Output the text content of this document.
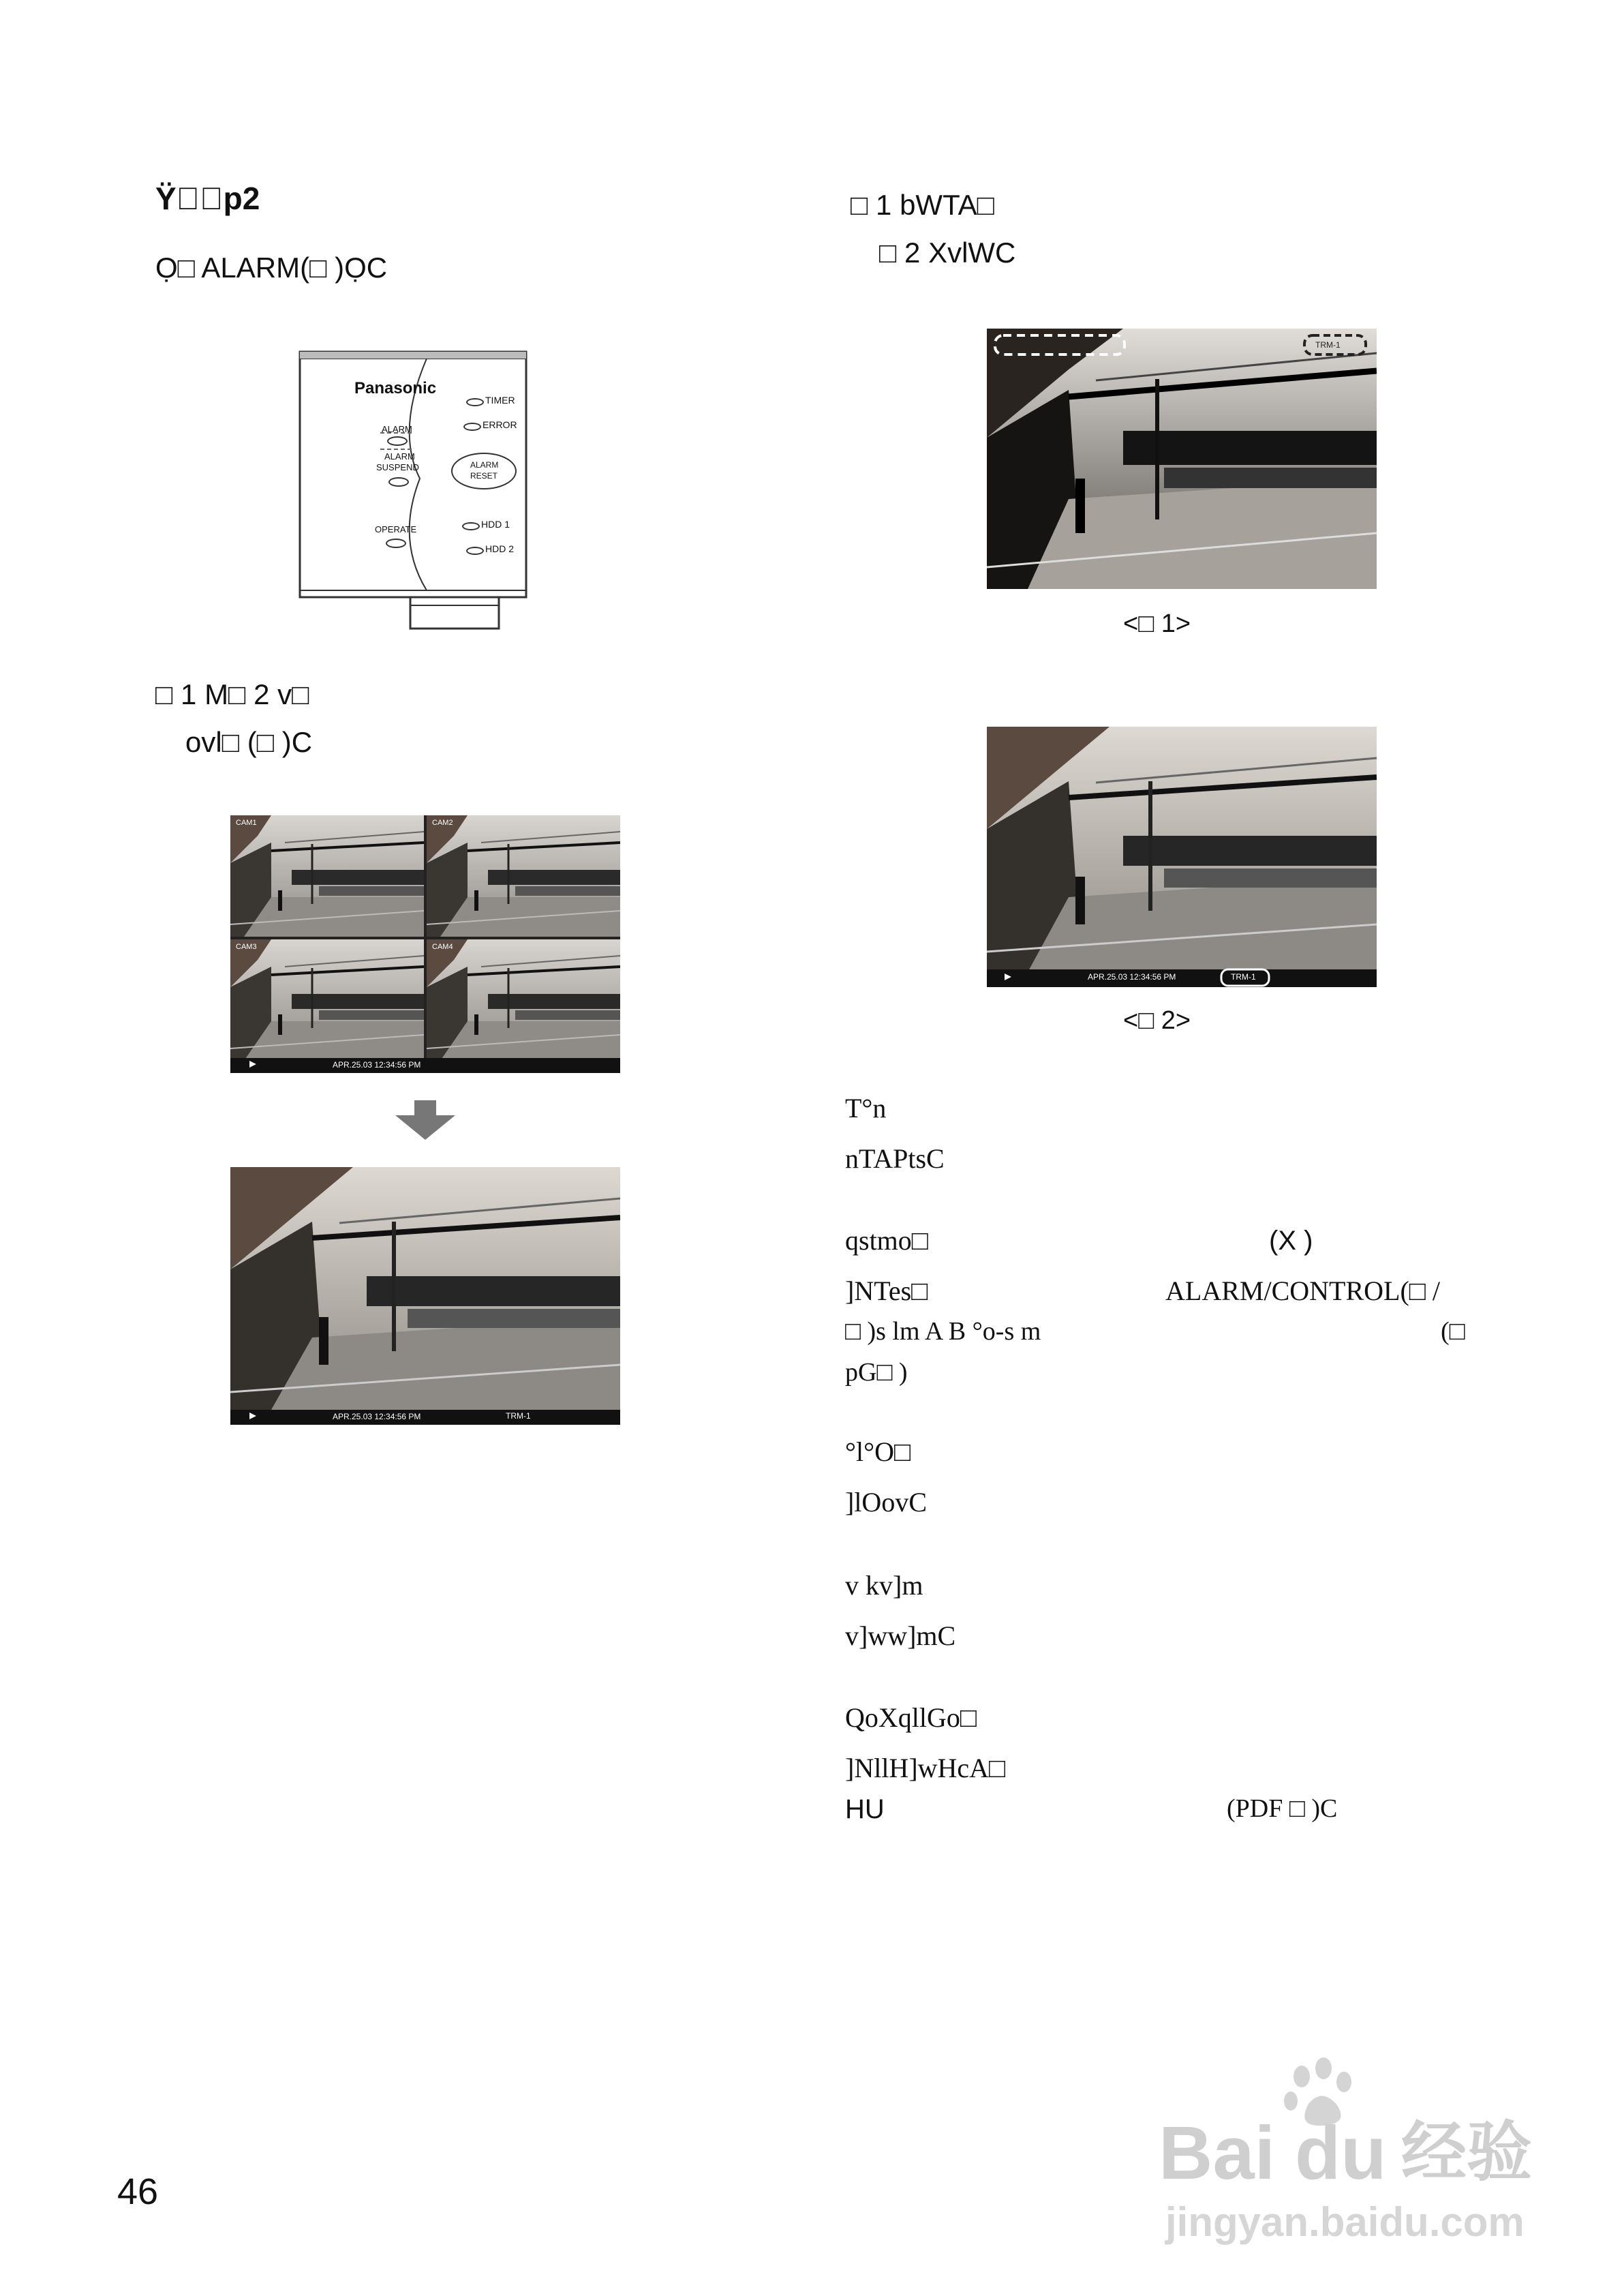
Ÿ  p2
Ọ□ ALARM(□ )ỌC
Panasonic
ALARM
ALARM
SUSPEND
OPERATE
TIMER
ERROR
ALARM
RESET
HDD 1
HDD 2
□ 1 M□ 2 v□
ovl□ (□ )C
CAM1	CAM2
CAM3	CAM4
APR.25.03 12:34:56 PM
APR.25.03 12:34:56 PM	TRM-1
□ 1 bWTA□
□ 2 XvlWC
TRM-1
<□ 1>
APR.25.03 12:34:56 PM	TRM-1
<□ 2>
T°n
nTAPtsC
qstmo□	(X )
]NTes□	ALARM/CONTROL(□ /
□ )s lm A B °o-s m	(□
pG□ )
°l°O□
]lOovC
v kv]m
v]ww]mC
QoXqllGo□
]NllH]wHcA□
HU	(PDF □ )C
46	Bai du 经验
jingyan.baidu.com
